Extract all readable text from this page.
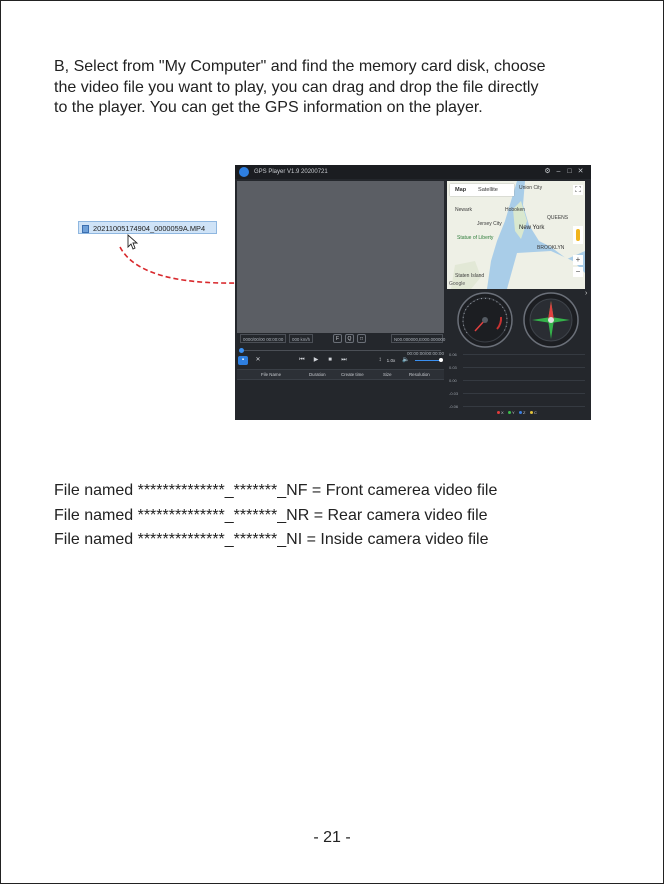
B, Select from "My Computer" and find the memory card disk, choose

the video file you want to play, you can drag and drop the file directly

to the player. You can get the GPS information on the player.

20211005174904_0000059A.MP4
GPS Player V1.9 20200721	⚙ – □ ✕
0000/00/00 00:00:00	000 km/h	F	Q	□	N00.000000,E000.000000
00:00:00/00:00:00
▪	✕	⏮	▶	■	⏭	↕	1.0x 🔈
File Name	Duration	Create time	Size	Resolution
Map Satellite
New York
Statue of Liberty
BROOKLYN
Hoboken
QUEENS
Union City
Newark
Jersey City
Staten Island
⛶
+
−
Google
›
0.06
0.03
0.00
-0.03
-0.06
X	Y	Z	C

File named **************_*******_NF = Front camerea video file

File named **************_*******_NR = Rear camera video file

File named **************_*******_NI = Inside camera video file

- 21 -
